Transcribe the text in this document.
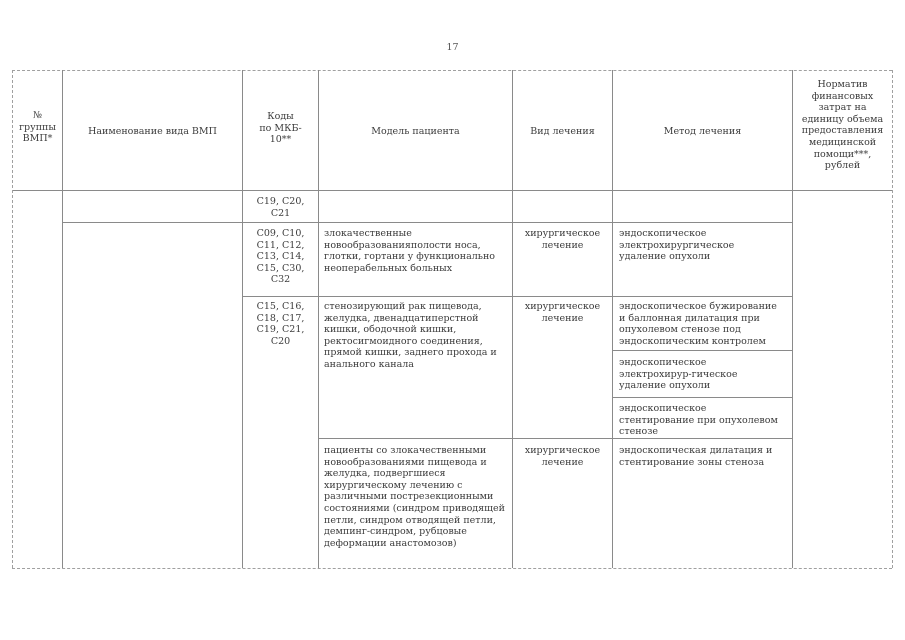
17
№
группы
ВМП*
Наименование вида ВМП
Коды
по МКБ-
10**
Модель пациента	Вид лечения	Метод лечения
Норматив
финансовых
затрат на
единицу объема
предоставления
медицинской
помощи***,
рублей
С19, С20,
С21
С09, С10,
С11, С12,
С13, С14,
С15, С30,
С32
злокачественные
новообразованияполости носа,
глотки, гортани у функционально
неоперабельных больных
хирургическое
лечение
эндоскопическое
электрохирургическое
удаление опухоли
С15, С16,
С18, С17,
С19, С21,
С20
стенозирующий рак пищевода,
желудка, двенадцатиперстной
кишки, ободочной кишки,
ректосигмоидного соединения,
прямой кишки, заднего прохода и
анального канала
хирургическое
лечение
эндоскопическое бужирование
и баллонная дилатация при
опухолевом стенозе под
эндоскопическим контролем
эндоскопическое
электрохирур-гическое
удаление опухоли
эндоскопическое
стентирование при опухолевом
стенозе
пациенты со злокачественными
новообразованиями пищевода и
желудка, подвергшиеся
хирургическому лечению с
различными пострезекционными
состояниями (синдром приводящей
петли, синдром отводящей петли,
демпинг-синдром, рубцовые
деформации анастомозов)
хирургическое
лечение
эндоскопическая дилатация и
стентирование зоны стеноза
